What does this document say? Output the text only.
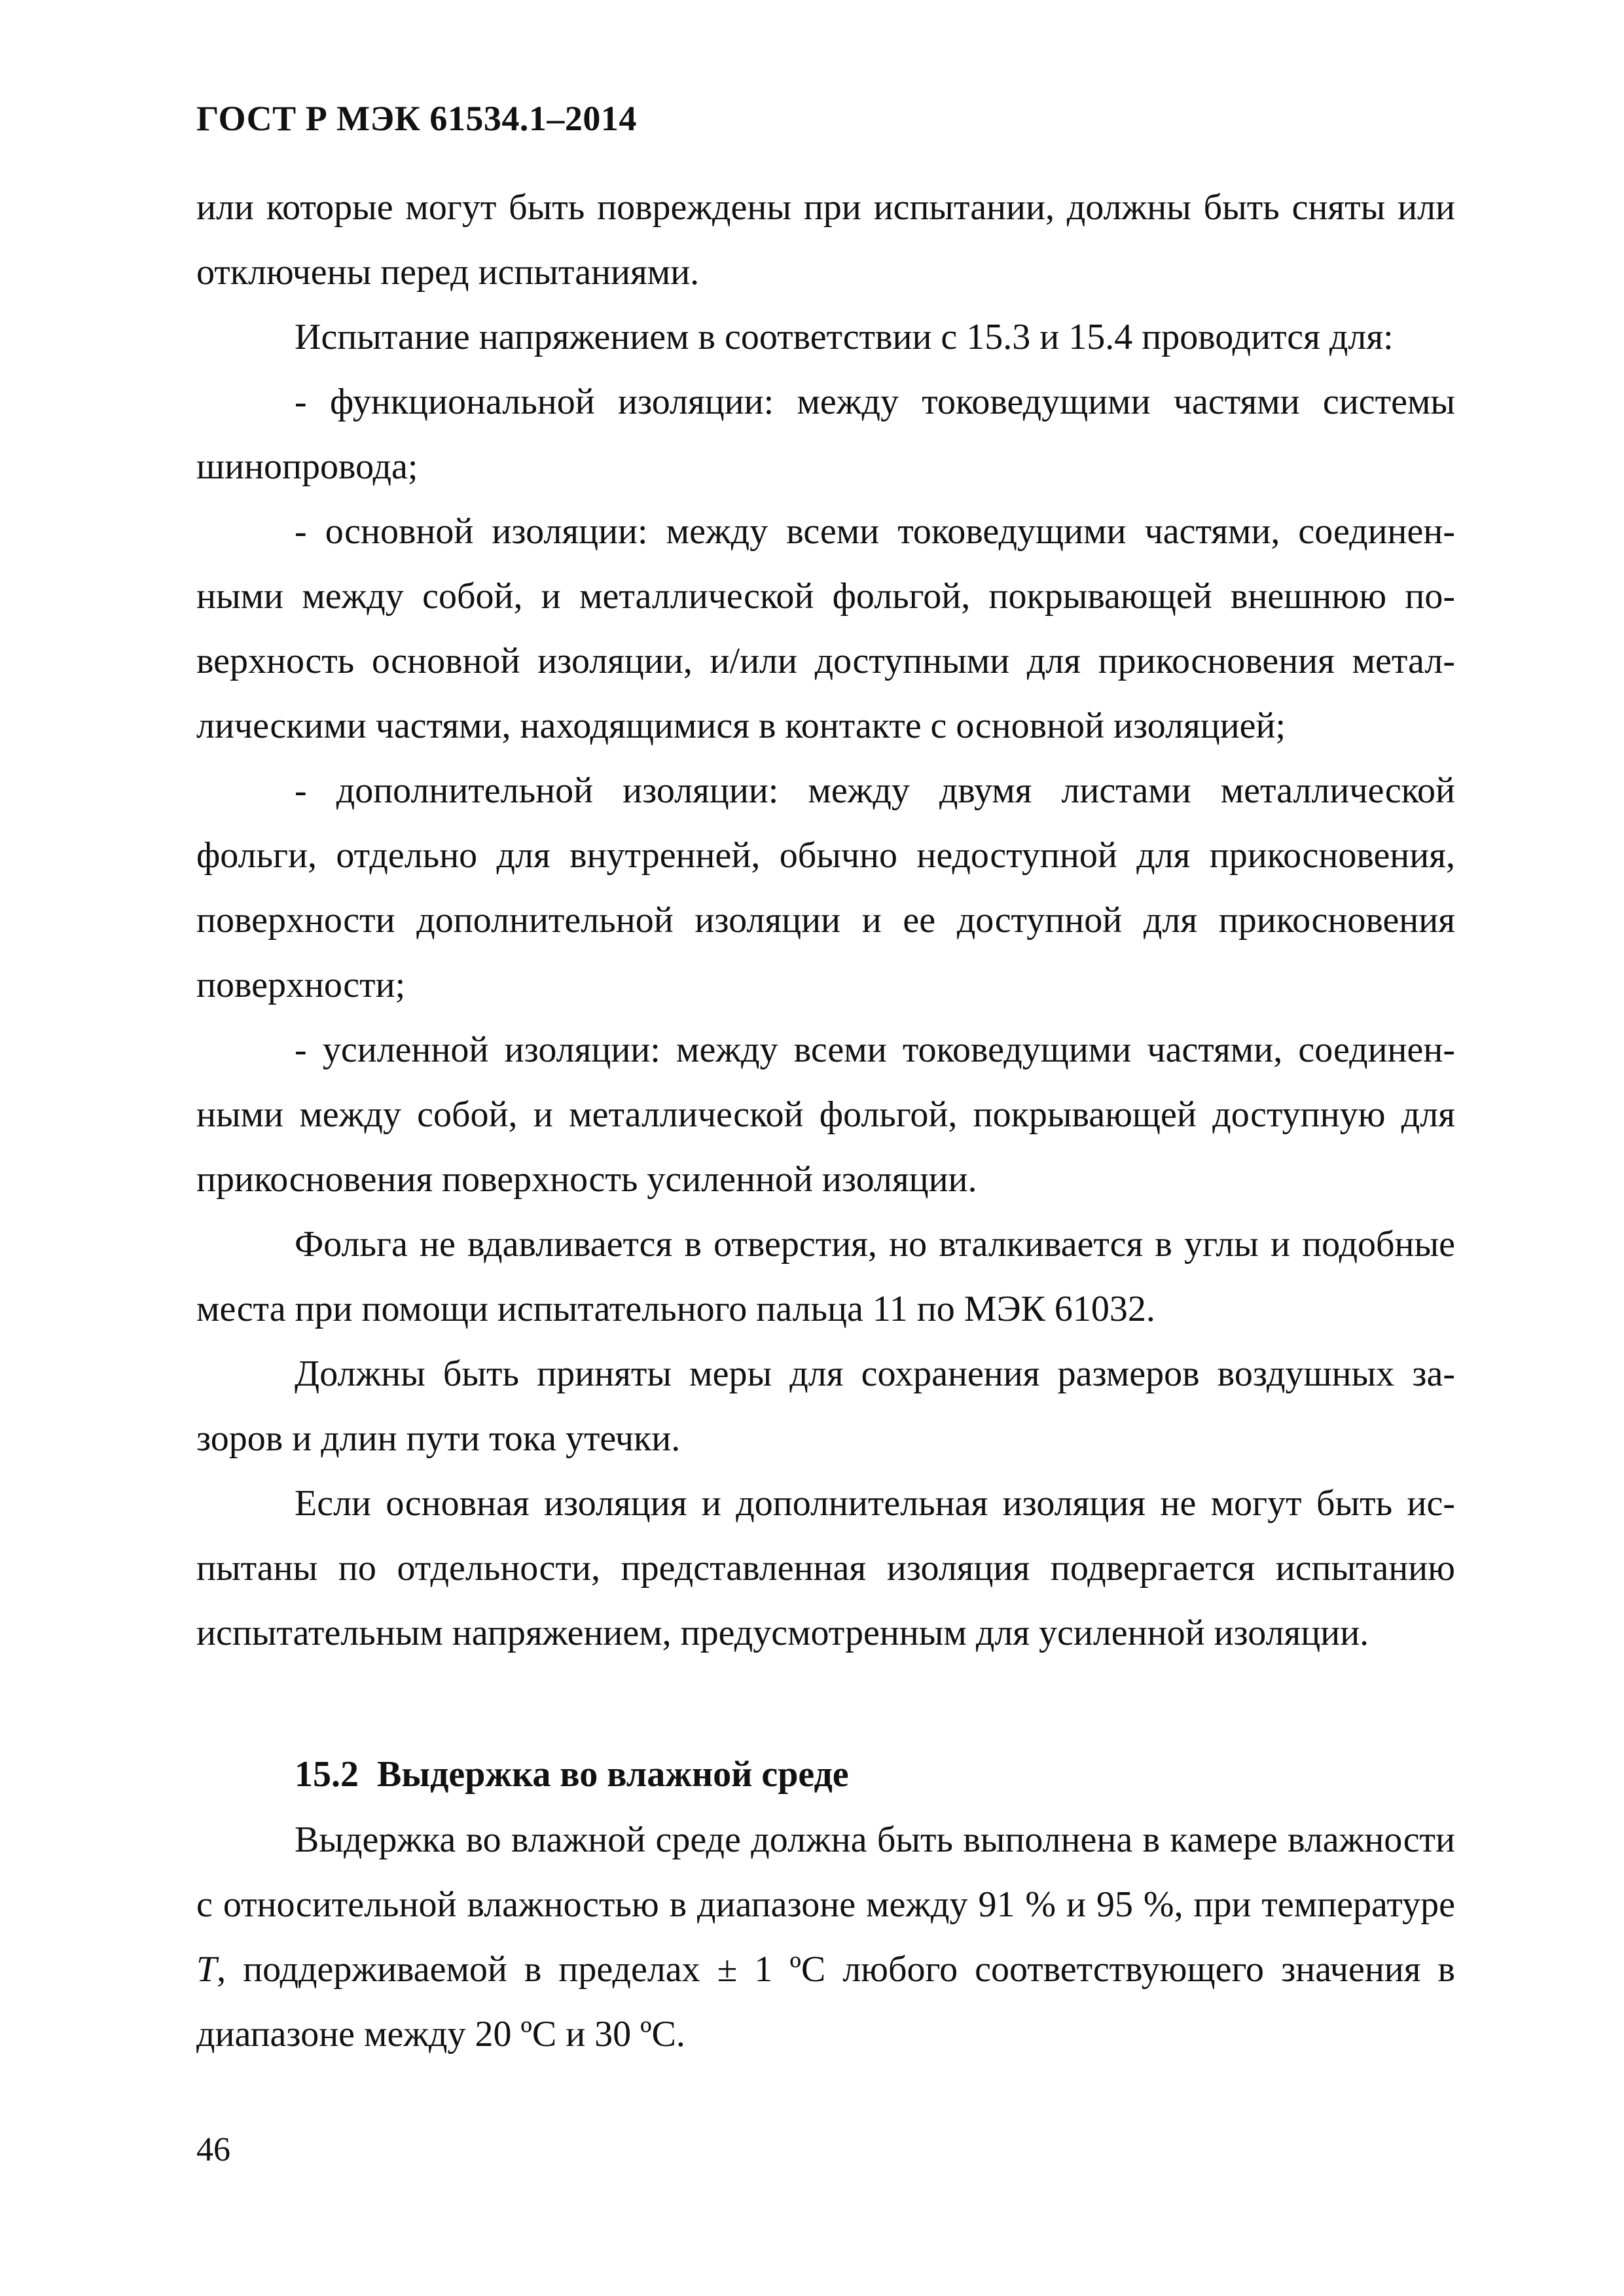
ГОСТ Р МЭК 61534.1–2014

или которые могут быть повреждены при испытании, должны быть сняты или отключены перед испытаниями.

Испытание напряжением в соответствии с 15.3 и 15.4 проводится для:

- функциональной изоляции: между токоведущими частями системы шинопровода;

- основной изоляции: между всеми токоведущими частями, соединенными между собой, и металлической фольгой, покрывающей внешнюю поверхность основной изоляции, и/или доступными для прикосновения металлическими частями, находящимися в контакте с основной изоляцией;

- дополнительной изоляции: между двумя листами металлической фольги, отдельно для внутренней, обычно недоступной для прикосновения, поверхности дополнительной изоляции и ее доступной для прикосновения поверхности;

- усиленной изоляции: между всеми токоведущими частями, соединенными между собой, и металлической фольгой, покрывающей доступную для прикосновения поверхность усиленной изоляции.

Фольга не вдавливается в отверстия, но вталкивается в углы и подобные места при помощи испытательного пальца 11 по МЭК 61032.

Должны быть приняты меры для сохранения размеров воздушных зазоров и длин пути тока утечки.

Если основная изоляция и дополнительная изоляция не могут быть испытаны по отдельности, представленная изоляция подвергается испытанию испытательным напряжением, предусмотренным для усиленной изоляции.

15.2 Выдержка во влажной среде

Выдержка во влажной среде должна быть выполнена в камере влажности с относительной влажностью в диапазоне между 91 % и 95 %, при температуре T, поддерживаемой в пределах ± 1 ºC любого соответствующего значения в диапазоне между 20 ºC и 30 ºC.

46
